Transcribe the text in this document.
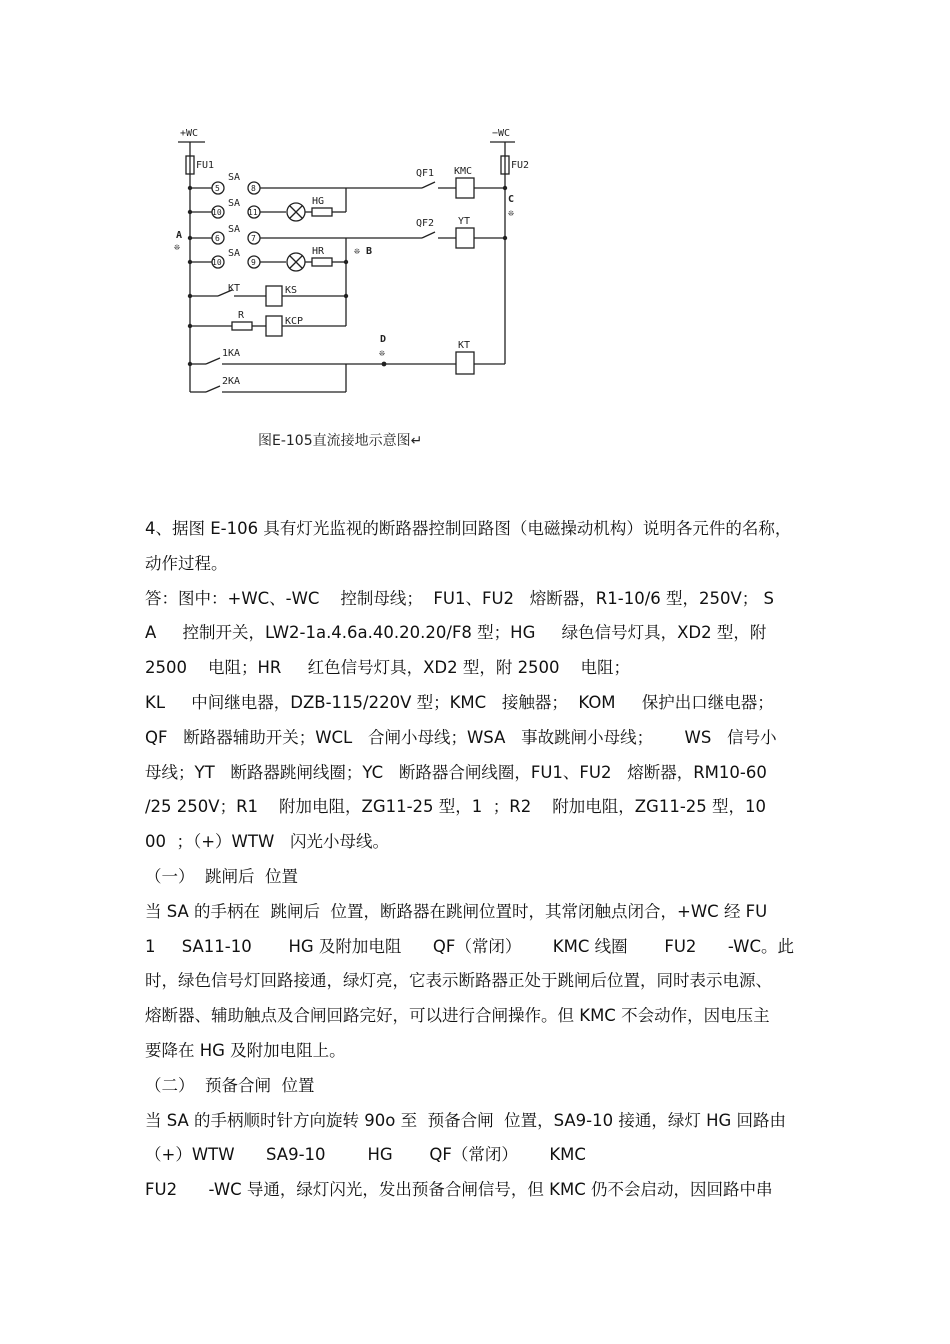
+WC	−WC
FU1	FU2
SA
SA
SA
SA
5	8
10	11
6	7
10	9
HG
HR
QF1
QF2
KMC
YT
KT	KS
R
KCP
1KA
2KA
KT
A
B
C
D
❊	❊
❊
❊
图E-105直流接地示意图↵
4、据图 E-106 具有灯光监视的断路器控制回路图（电磁操动机构）说明各元件的名称，
动作过程。
答：图中：+WC、-WC    控制母线；  FU1、FU2   熔断器，R1-10/6 型，250V； S
A     控制开关，LW2-1a.4.6a.40.20.20/F8 型；HG     绿色信号灯具，XD2 型，附
2500    电阻；HR     红色信号灯具，XD2 型，附 2500    电阻；
KL     中间继电器，DZB-115/220V 型；KMC   接触器；  KOM     保护出口继电器；
QF   断路器辅助开关；WCL   合闸小母线；WSA   事故跳闸小母线；      WS   信号小
母线；YT   断路器跳闸线圈；YC   断路器合闸线圈，FU1、FU2   熔断器，RM10-60
/25 250V；R1    附加电阻，ZG11-25 型，1  ；R2    附加电阻，ZG11-25 型，10
00  ；（+）WTW   闪光小母线。
（一）  跳闸后  位置
当 SA 的手柄在  跳闸后  位置，断路器在跳闸位置时，其常闭触点闭合，+WC 经 FU
1     SA11-10       HG 及附加电阻      QF（常闭）      KMC 线圈       FU2      -WC。此
时，绿色信号灯回路接通，绿灯亮，它表示断路器正处于跳闸后位置，同时表示电源、
熔断器、辅助触点及合闸回路完好，可以进行合闸操作。但 KMC 不会动作，因电压主
要降在 HG 及附加电阻上。
（二）  预备合闸  位置
当 SA 的手柄顺时针方向旋转 90o 至  预备合闸  位置，SA9-10 接通，绿灯 HG 回路由
（+）WTW      SA9-10        HG       QF（常闭）      KMC
FU2      -WC 导通，绿灯闪光，发出预备合闸信号，但 KMC 仍不会启动，因回路中串
